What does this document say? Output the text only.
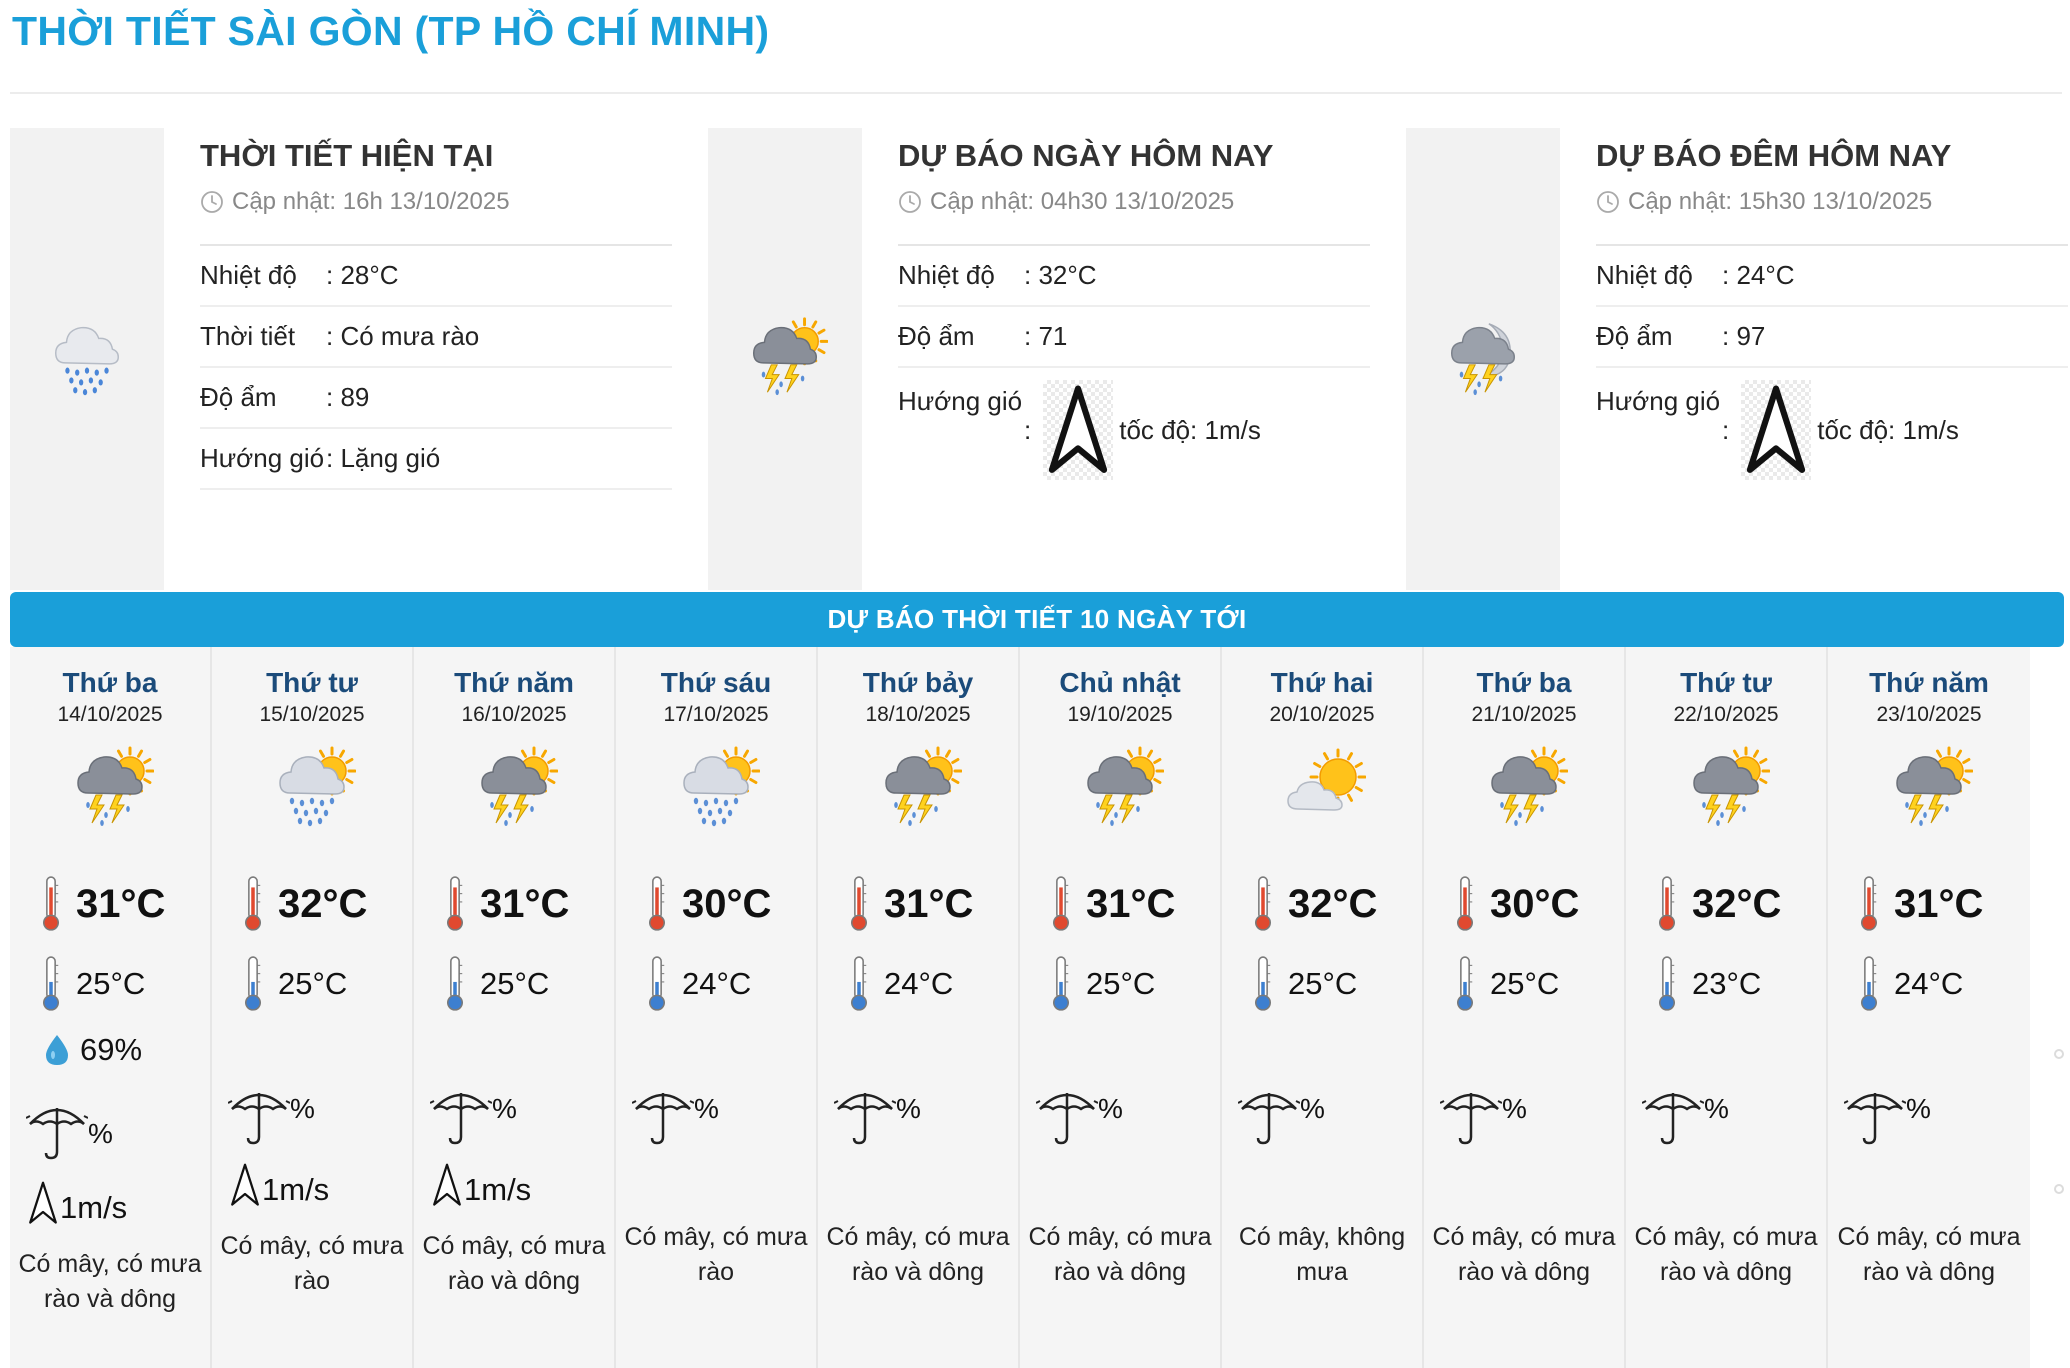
THỜI TIẾT SÀI GÒN (TP HỒ CHÍ MINH)
THỜI TIẾT HIỆN TẠI
Cập nhật: 16h 13/10/2025
Nhiệt độ	: 28°C
Thời tiết	: Có mưa rào
Độ ẩm	: 89
Hướng gió : Lặng gió
DỰ BÁO NGÀY HÔM NAY
Cập nhật: 04h30 13/10/2025
Nhiệt độ	: 32°C
Độ ẩm	: 71
Hướng gió
:	tốc độ: 1m/s
DỰ BÁO ĐÊM HÔM NAY
Cập nhật: 15h30 13/10/2025
Nhiệt độ	: 24°C
Độ ẩm	: 97
Hướng gió
:	tốc độ: 1m/s
DỰ BÁO THỜI TIẾT 10 NGÀY TỚI
Thứ ba
14/10/2025
31°C
25°C
69%
%
1m/s
Có mây, có mưa rào và dông
Thứ tư
15/10/2025
32°C
25°C
%
1m/s
Có mây, có mưa rào
Thứ năm
16/10/2025
31°C
25°C
%
1m/s
Có mây, có mưa rào và dông
Thứ sáu
17/10/2025
30°C
24°C
%
Có mây, có mưa rào
Thứ bảy
18/10/2025
31°C
24°C
%
Có mây, có mưa rào và dông
Chủ nhật
19/10/2025
31°C
25°C
%
Có mây, có mưa rào và dông
Thứ hai
20/10/2025
32°C
25°C
%
Có mây, không mưa
Thứ ba
21/10/2025
30°C
25°C
%
Có mây, có mưa rào và dông
Thứ tư
22/10/2025
32°C
23°C
%
Có mây, có mưa rào và dông
Thứ năm
23/10/2025
31°C
24°C
%
Có mây, có mưa rào và dông
